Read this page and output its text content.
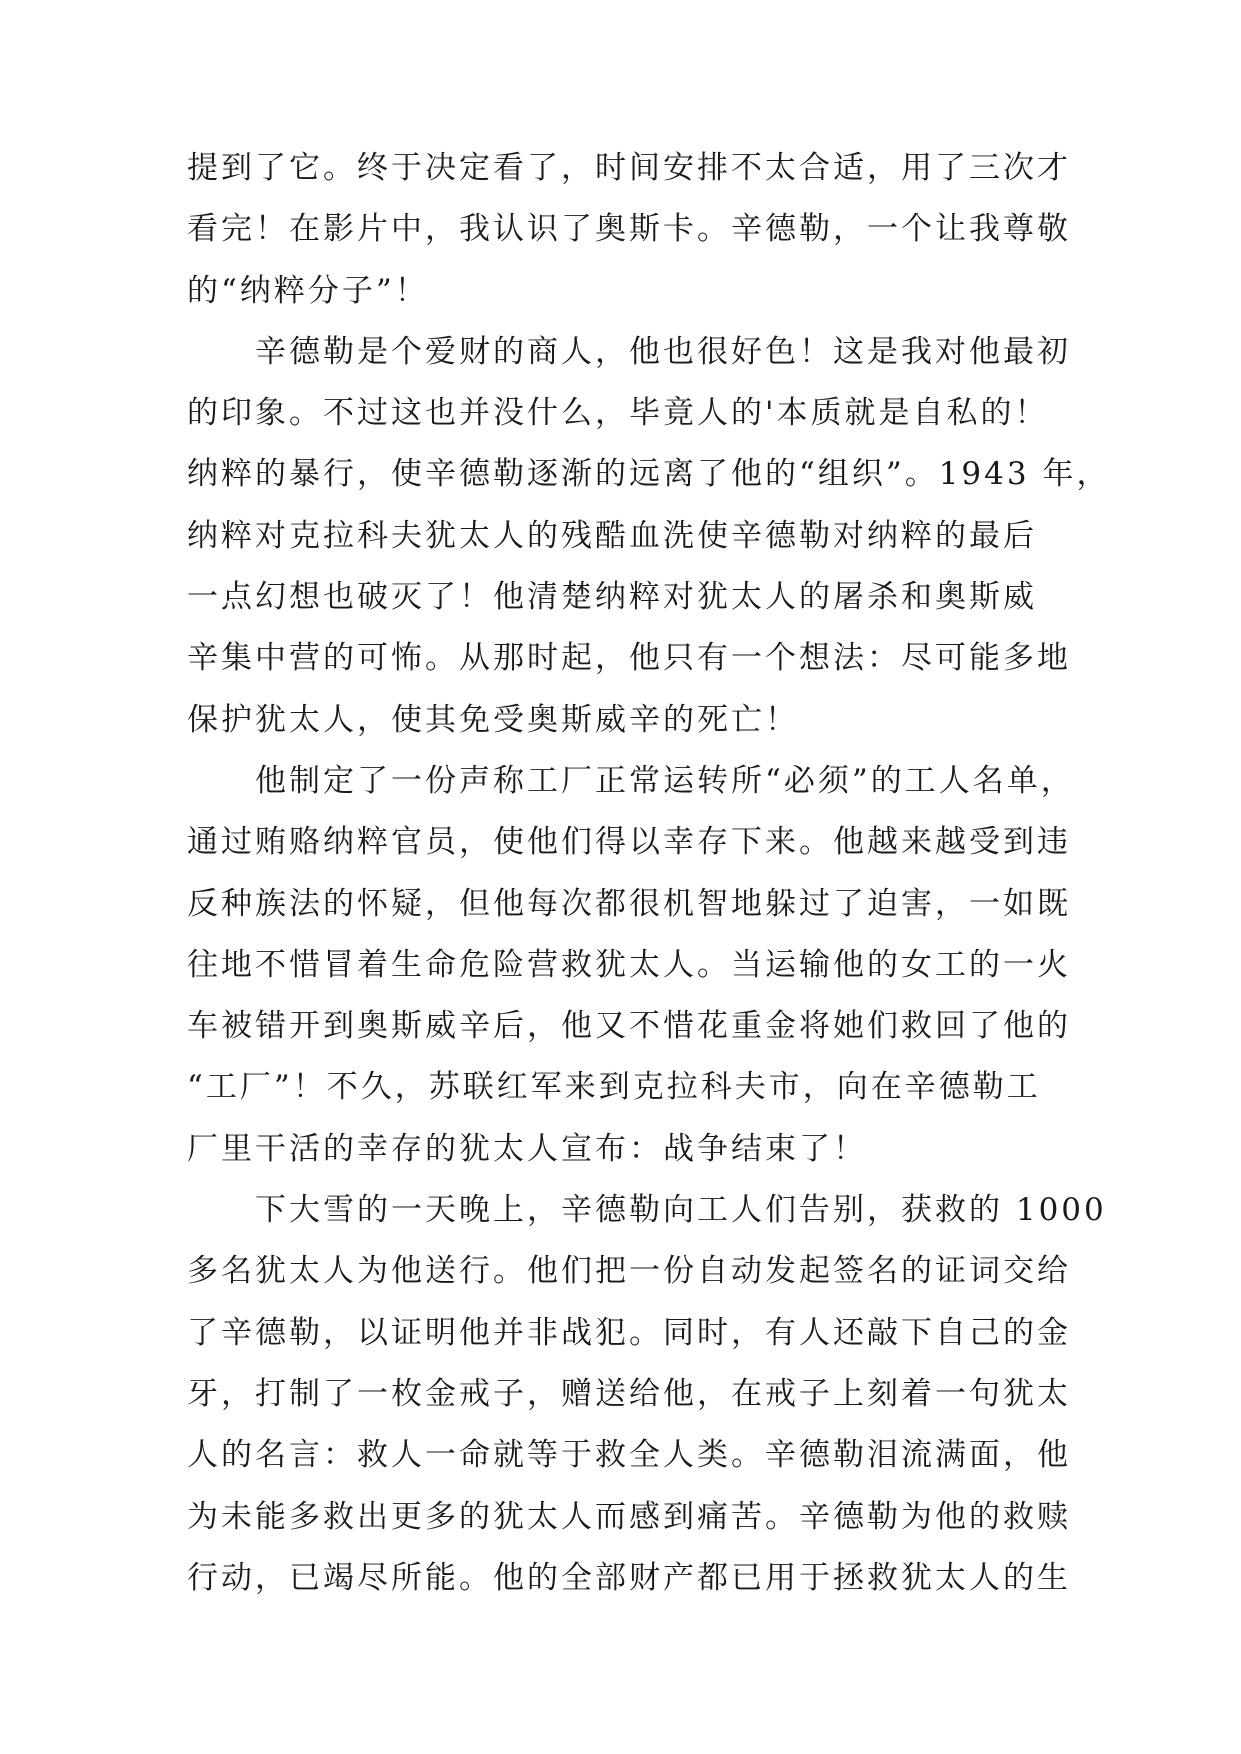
提到了它。终于决定看了，时间安排不太合适，用了三次才
看完！在影片中，我认识了奥斯卡。辛德勒，一个让我尊敬
的“纳粹分子”！
辛德勒是个爱财的商人，他也很好色！这是我对他最初
的印象。不过这也并没什么，毕竟人的'本质就是自私的！
纳粹的暴行，使辛德勒逐渐的远离了他的“组织”。1943 年，
纳粹对克拉科夫犹太人的残酷血洗使辛德勒对纳粹的最后
一点幻想也破灭了！他清楚纳粹对犹太人的屠杀和奥斯威
辛集中营的可怖。从那时起，他只有一个想法：尽可能多地
保护犹太人，使其免受奥斯威辛的死亡！
他制定了一份声称工厂正常运转所“必须”的工人名单，
通过贿赂纳粹官员，使他们得以幸存下来。他越来越受到违
反种族法的怀疑，但他每次都很机智地躲过了迫害，一如既
往地不惜冒着生命危险营救犹太人。当运输他的女工的一火
车被错开到奥斯威辛后，他又不惜花重金将她们救回了他的
“工厂”！不久，苏联红军来到克拉科夫市，向在辛德勒工
厂里干活的幸存的犹太人宣布：战争结束了！
下大雪的一天晚上，辛德勒向工人们告别，获救的 1000
多名犹太人为他送行。他们把一份自动发起签名的证词交给
了辛德勒，以证明他并非战犯。同时，有人还敲下自己的金
牙，打制了一枚金戒子，赠送给他，在戒子上刻着一句犹太
人的名言：救人一命就等于救全人类。辛德勒泪流满面，他
为未能多救出更多的犹太人而感到痛苦。辛德勒为他的救赎
行动，已竭尽所能。他的全部财产都已用于拯救犹太人的生
